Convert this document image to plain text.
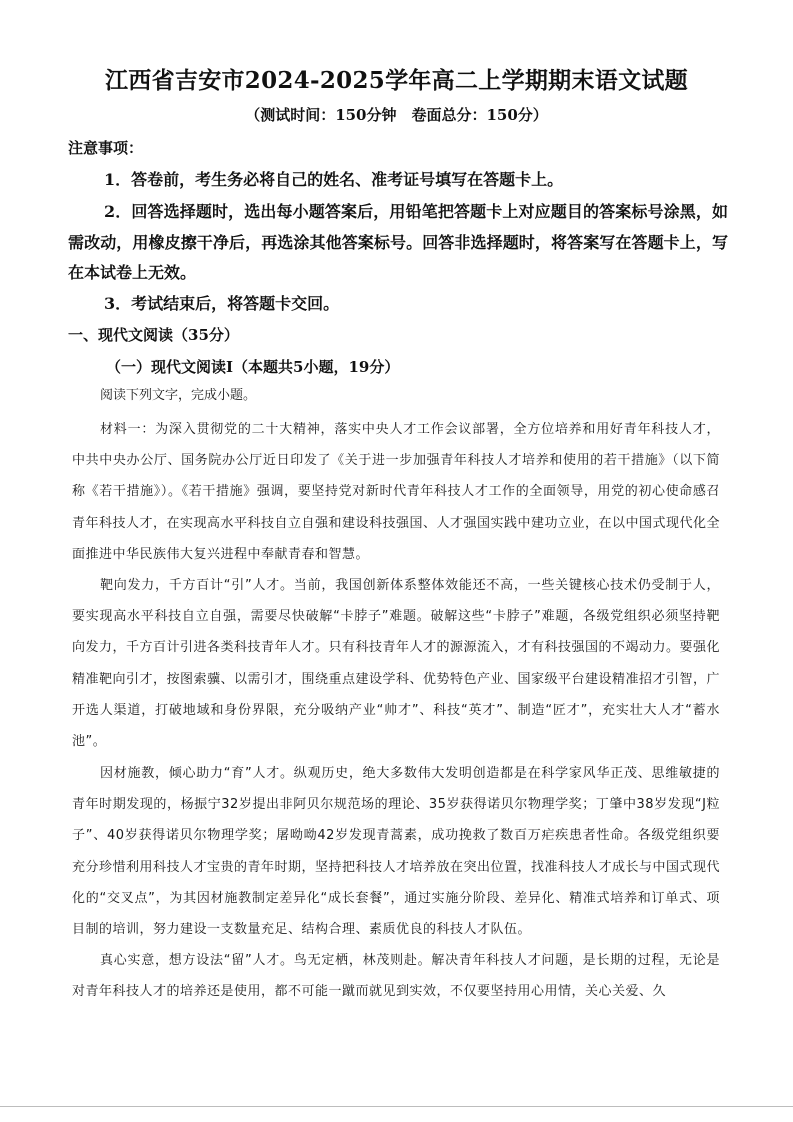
江西省吉安市2024-2025学年高二上学期期末语文试题

（测试时间：150分钟　卷面总分：150分）

注意事项：

1．答卷前，考生务必将自己的姓名、准考证号填写在答题卡上。

2．回答选择题时，选出每小题答案后，用铅笔把答题卡上对应题目的答案标号涂黑，如需改动，用橡皮擦干净后，再选涂其他答案标号。回答非选择题时，将答案写在答题卡上，写在本试卷上无效。

3．考试结束后，将答题卡交回。

一、现代文阅读（35分）

（一）现代文阅读Ⅰ（本题共5小题，19分）

阅读下列文字，完成小题。

材料一：为深入贯彻党的二十大精神，落实中央人才工作会议部署，全方位培养和用好青年科技人才，中共中央办公厅、国务院办公厅近日印发了《关于进一步加强青年科技人才培养和使用的若干措施》（以下简称《若干措施》）。《若干措施》强调，要坚持党对新时代青年科技人才工作的全面领导，用党的初心使命感召青年科技人才，在实现高水平科技自立自强和建设科技强国、人才强国实践中建功立业，在以中国式现代化全面推进中华民族伟大复兴进程中奉献青春和智慧。

靶向发力，千方百计“引”人才。当前，我国创新体系整体效能还不高，一些关键核心技术仍受制于人，要实现高水平科技自立自强，需要尽快破解“卡脖子”难题。破解这些“卡脖子”难题，各级党组织必须坚持靶向发力，千方百计引进各类科技青年人才。只有科技青年人才的源源流入，才有科技强国的不竭动力。要强化精准靶向引才，按图索骥、以需引才，围绕重点建设学科、优势特色产业、国家级平台建设精准招才引智，广开选人渠道，打破地域和身份界限，充分吸纳产业“帅才”、科技“英才”、制造“匠才”，充实壮大人才“蓄水池”。

因材施教，倾心助力“育”人才。纵观历史，绝大多数伟大发明创造都是在科学家风华正茂、思维敏捷的青年时期发现的，杨振宁32岁提出非阿贝尔规范场的理论、35岁获得诺贝尔物理学奖；丁肇中38岁发现“J粒子”、40岁获得诺贝尔物理学奖；屠呦呦42岁发现青蒿素，成功挽救了数百万疟疾患者性命。各级党组织要充分珍惜利用科技人才宝贵的青年时期，坚持把科技人才培养放在突出位置，找准科技人才成长与中国式现代化的“交叉点”，为其因材施教制定差异化“成长套餐”，通过实施分阶段、差异化、精准式培养和订单式、项目制的培训，努力建设一支数量充足、结构合理、素质优良的科技人才队伍。

真心实意，想方设法“留”人才。鸟无定栖，林茂则赴。解决青年科技人才问题，是长期的过程，无论是对青年科技人才的培养还是使用，都不可能一蹴而就见到实效，不仅要坚持用心用情，关心关爱、久
